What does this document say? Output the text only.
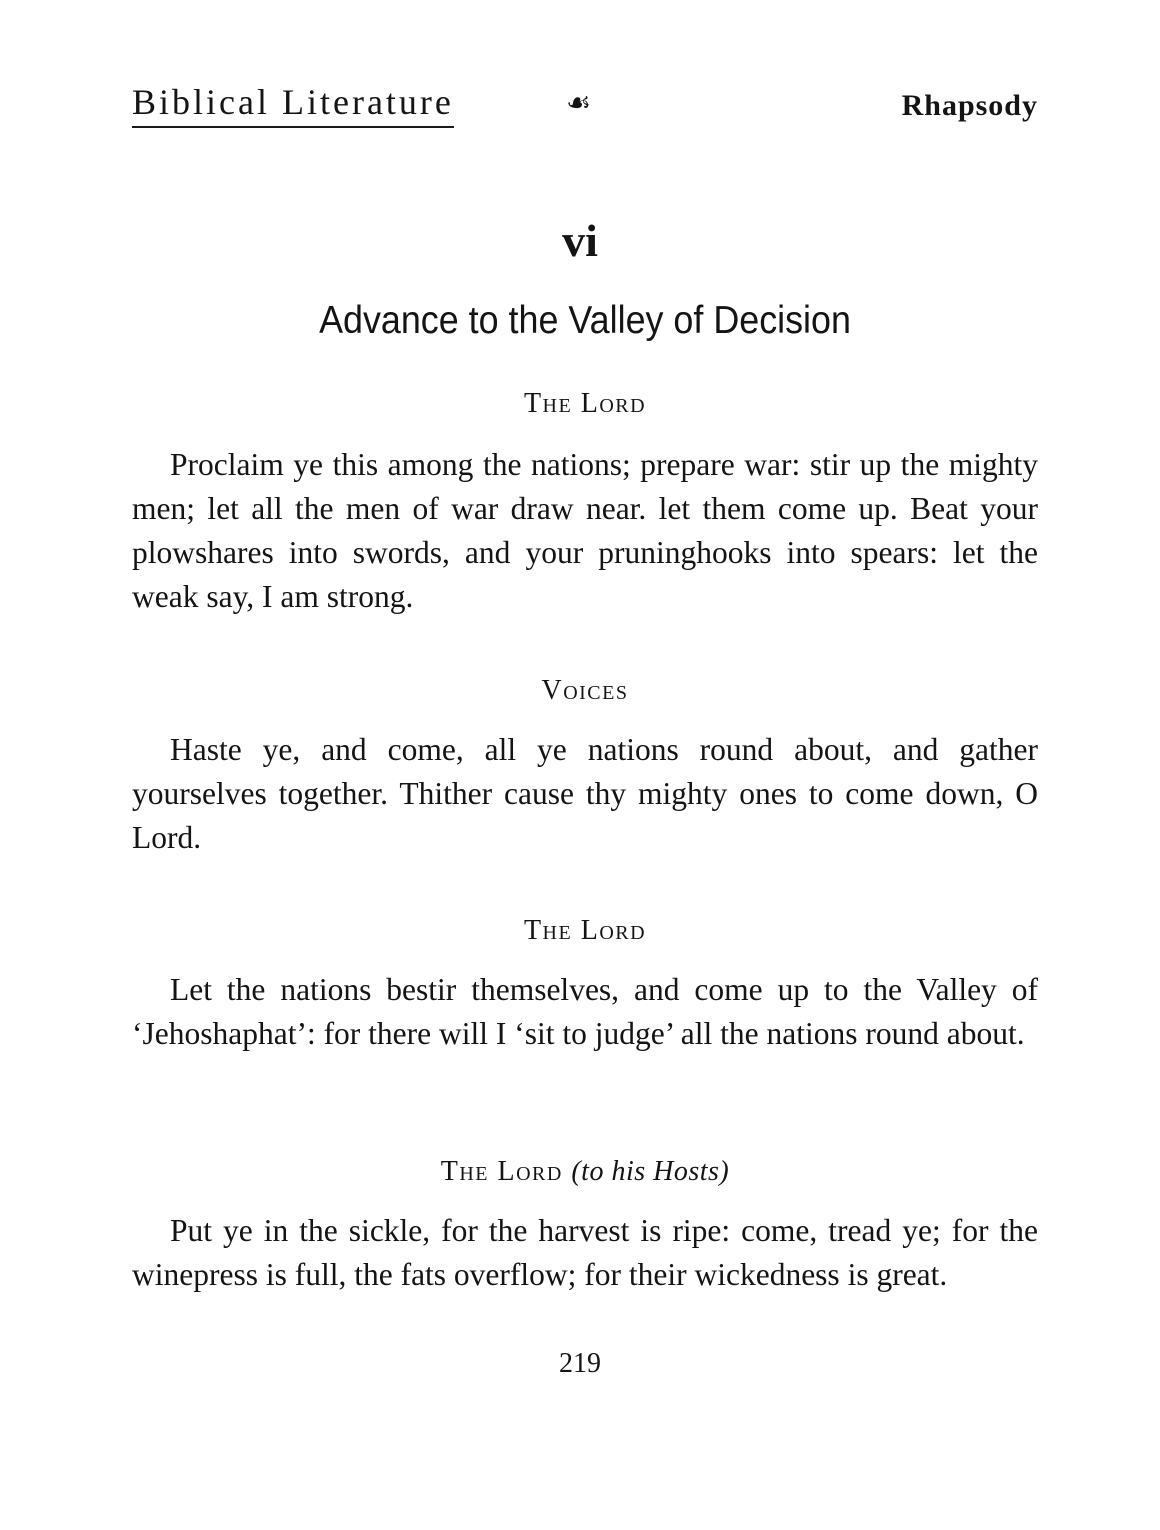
Biblical Literature	☙	Rhapsody
vi
Advance to the Valley of Decision
The Lord

Proclaim ye this among the nations; prepare war: stir up the mighty men; let all the men of war draw near. let them come up. Beat your plowshares into swords, and your pruninghooks into spears: let the weak say, I am strong.

Voices

Haste ye, and come, all ye nations round about, and gather yourselves together. Thither cause thy mighty ones to come down, O Lord.

The Lord

Let the nations bestir themselves, and come up to the Valley of ‘Jehoshaphat’: for there will I ‘sit to judge’ all the nations round about.

The Lord (to his Hosts)

Put ye in the sickle, for the harvest is ripe: come, tread ye; for the winepress is full, the fats overflow; for their wickedness is great.

219
